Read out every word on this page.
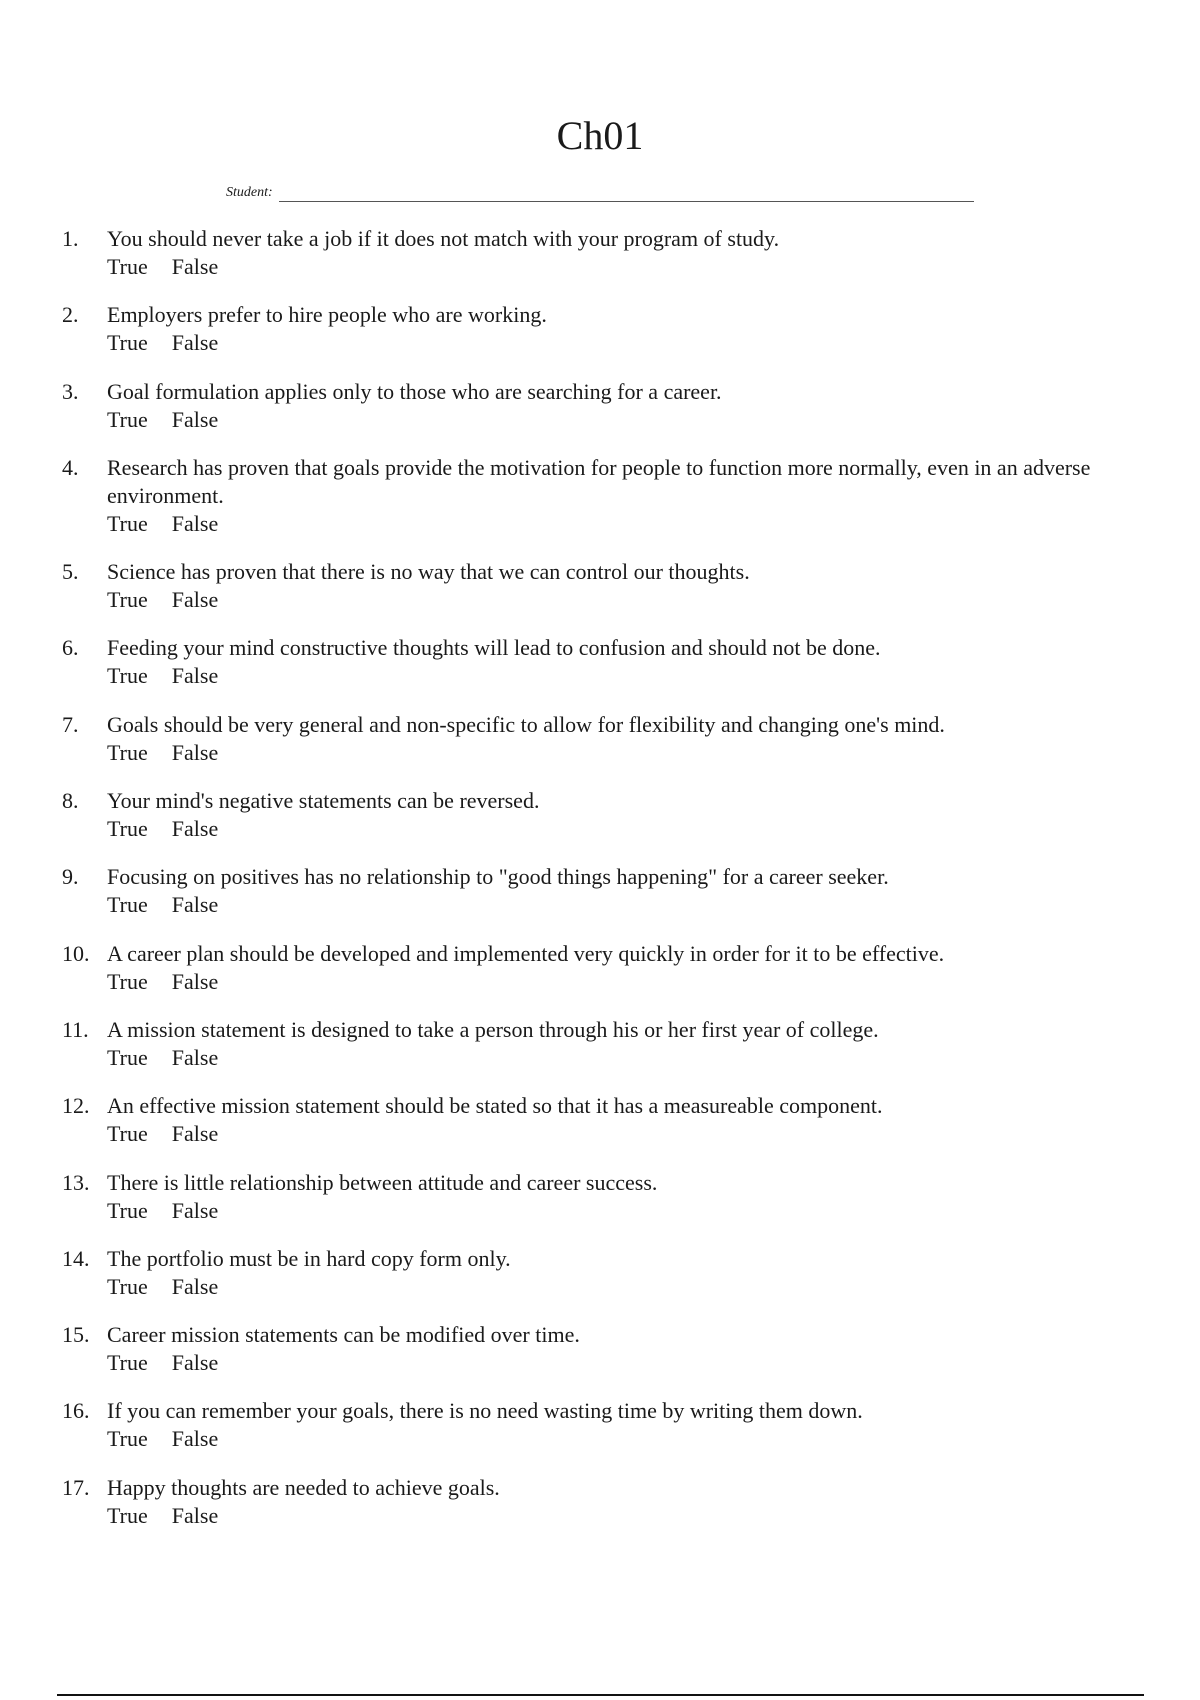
Ch01
Student:
1. You should never take a job if it does not match with your program of study.
True False
2. Employers prefer to hire people who are working.
True False
3. Goal formulation applies only to those who are searching for a career.
True False
4. Research has proven that goals provide the motivation for people to function more normally, even in an adverse environment.
True False
5. Science has proven that there is no way that we can control our thoughts.
True False
6. Feeding your mind constructive thoughts will lead to confusion and should not be done.
True False
7. Goals should be very general and non-specific to allow for flexibility and changing one's mind.
True False
8. Your mind's negative statements can be reversed.
True False
9. Focusing on positives has no relationship to "good things happening" for a career seeker.
True False
10. A career plan should be developed and implemented very quickly in order for it to be effective.
True False
11. A mission statement is designed to take a person through his or her first year of college.
True False
12. An effective mission statement should be stated so that it has a measureable component.
True False
13. There is little relationship between attitude and career success.
True False
14. The portfolio must be in hard copy form only.
True False
15. Career mission statements can be modified over time.
True False
16. If you can remember your goals, there is no need wasting time by writing them down.
True False
17. Happy thoughts are needed to achieve goals.
True False
